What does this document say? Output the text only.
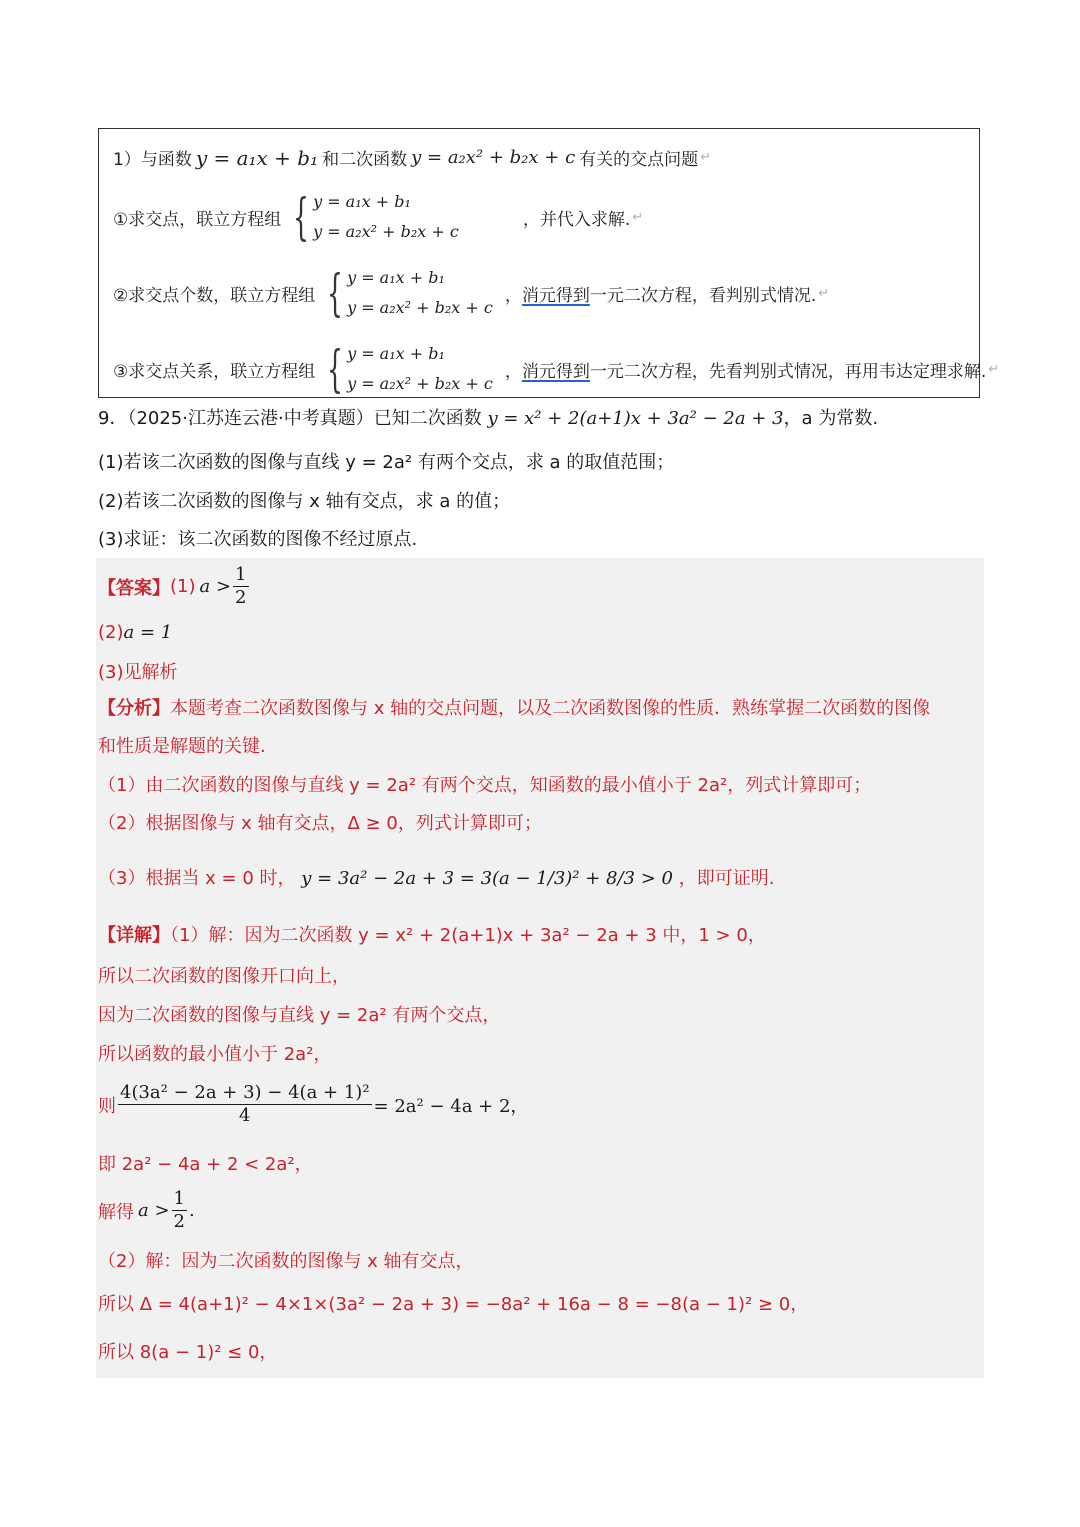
1）与函数 y = a₁x + b₁ 和二次函数 y = a₂x² + b₂x + c 有关的交点问题 ↵
①求交点，联立方程组 { y = a₁x + b₁
y = a₂x² + b₂x + c
，并代入求解. ↵
②求交点个数，联立方程组 { y = a₁x + b₁
y = a₂x² + b₂x + c
， 消元得到 一元二次方程，看判别式情况. ↵
③求交点关系，联立方程组 { y = a₁x + b₁
y = a₂x² + b₂x + c
， 消元得到 一元二次方程，先看判别式情况，再用韦达定理求解. ↵
9．（2025·江苏连云港·中考真题）已知二次函数 y = x² + 2(a+1)x + 3a² − 2a + 3，a 为常数.
(1)若该二次函数的图像与直线 y = 2a² 有两个交点，求 a 的取值范围；
(2)若该二次函数的图像与 x 轴有交点，求 a 的值；
(3)求证：该二次函数的图像不经过原点.
【答案】 (1) $a > \frac{1}{2}$
(2)a = 1
(3)见解析
【分析】本题考查二次函数图像与 x 轴的交点问题，以及二次函数图像的性质．熟练掌握二次函数的图像
和性质是解题的关键.
（1）由二次函数的图像与直线 y = 2a² 有两个交点，知函数的最小值小于 2a²，列式计算即可；
（2）根据图像与 x 轴有交点，Δ ≥ 0，列式计算即可；
（3）根据当 x = 0 时， y = 3a² − 2a + 3 = 3(a − 1/3)² + 8/3 > 0 ，即可证明.
【详解】（1）解：因为二次函数 y = x² + 2(a+1)x + 3a² − 2a + 3 中，1 > 0，
所以二次函数的图像开口向上，
因为二次函数的图像与直线 y = 2a² 有两个交点，
所以函数的最小值小于 2a²，
则 $\frac{\text{4(3a² − 2a + 3) − 4(a + 1)²}}{4} = 2a^2 - 4a + 2$，
即 2a² − 4a + 2 < 2a²，
解得 $a > \frac{1}{2}$ .
（2）解：因为二次函数的图像与 x 轴有交点，
所以 Δ = 4(a+1)² − 4×1×(3a² − 2a + 3) = −8a² + 16a − 8 = −8(a − 1)² ≥ 0，
所以 8(a − 1)² ≤ 0，
